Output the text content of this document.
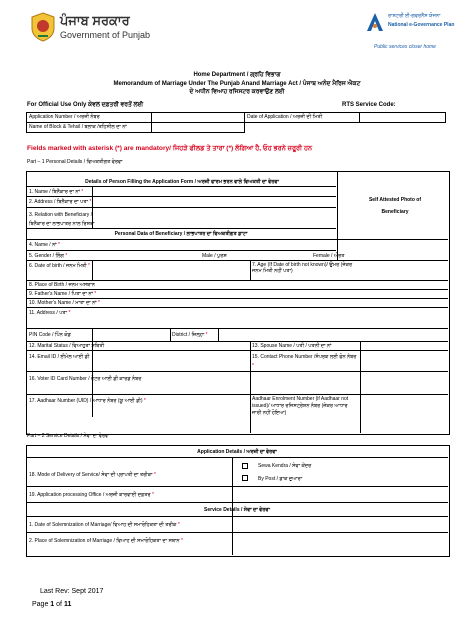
ਪੰਜਾਬ ਸਰਕਾਰ
Government of Punjab
ਰਾਸ਼ਟਰੀ ਈ-ਗਵਰਨੈਂਸ ਯੋਜਨਾ
National e-Governance Plan
Public services closer home
Home Department / ਗ੍ਰਹਿ ਵਿਭਾਗ
Memorandum of Marriage Under The Punjab Anand Marriage Act / ਪੰਜਾਬ ਅਨੰਦ ਮੈਰਿਜ ਐਕਟ
ਦੇ ਅਧੀਨ ਵਿਆਹ ਰਜਿਸਟਰ ਕਰਵਾਉਣ ਲਈ
For Official Use Only ਕੇਵਲ ਦਫ਼ਤਰੀ ਵਰਤੋਂ ਲਈ	RTS Service Code:
Application Number / ਅਰਜ਼ੀ ਨੰਬਰ		Date of Application / ਅਰਜ਼ੀ ਦੀ ਮਿਤੀ	
Name of Block & Tehsil / ਬਲਾਕ /ਤਹਿਸੀਲ ਦਾ ਨਾਂ			
Fields marked with asterisk (*) are mandatory/ ਜਿਹੜੇ ਫੀਲਡ ਤੇ ਤਾਰਾ (*) ਲੱਗਿਆ ਹੈ, ਓਹ ਭਰਨੇ ਜ਼ਰੂਰੀ ਹਨ
Part – 1 Personal Details / ਵਿਅਕਤੀਗਤ ਵੇਰਵਾ
Details of Person Filling the Application Form / ਅਰਜ਼ੀ ਫਾਰਮ ਭਰਨ ਵਾਲੇ ਵਿਅਕਤੀ ਦਾ ਵੇਰਵਾ
Self Attested Photo of Beneficiary
1. Name / ਬਿਨੈਕਾਰ ਦਾ ਨਾਂ *
2. Address / ਬਿਨੈਕਾਰ ਦਾ ਪਤਾ *
3. Relation with Beneficiary / ਬਿਨੈਕਾਰ ਦਾ ਲਾਭਪਾਤਰ ਨਾਲ ਰਿਸ਼ਤਾ
Personal Data of Beneficiary / ਲਾਭਪਾਤਰ ਦਾ ਵਿਅਕਤੀਗਤ ਡਾਟਾ
4. Name / ਨਾਂ *
5. Gender / ਲਿੰਗ *	Male / ਪੁਰਸ਼	Female / ਔਰਤ
6. Date of birth / ਜਨਮ ਮਿਤੀ *	7. Age (If Date of birth not known)/ ਉਮਰ (ਜੇਕਰ ਜਨਮ ਮਿਤੀ ਨਹੀਂ ਪਤਾ)
8. Place of Birth / ਜਨਮ ਅਸਥਾਨ
9. Father's Name / ਪਿਤਾ ਦਾ ਨਾਂ *
10. Mother's Name / ਮਾਤਾ ਦਾ ਨਾਂ *
11. Address / ਪਤਾ *
PIN Code / ਪਿੰਨ ਕੋਡ	District / ਜ਼ਿਲ੍ਹਾ *
12. Marital Status / ਵਿਆਹੁਤਾ ਸਥਿਤੀ	13. Spouse Name / ਪਤੀ / ਪਤਨੀ ਦਾ ਨਾਂ
14. Email ID / ਈਮੇਲ ਆਈ ਡੀ	15. Contact Phone Number /ਸੰਪਰਕ ਲਈ ਫੋਨ ਨੰਬਰ *
16. Voter ID Card Number / ਵੋਟਰ ਆਈ ਡੀ ਕਾਰਡ ਨੰਬਰ
17. Aadhaar Number (UID) / ਆਧਾਰ ਨੰਬਰ (ਯੂ ਆਈ ਡੀ) *	Aadhaar Enrolment Number (if Aadhaar not issued)/ ਆਧਾਰ ਰਜਿਸਟ੍ਰੇਸ਼ਨ ਨੰਬਰ (ਜੇਕਰ ਆਧਾਰ ਜਾਰੀ ਨਹੀਂ ਹੋਇਆ)
Part – 2 Service Details / ਸੇਵਾ ਦਾ ਵੇਰਵਾ
Application Details / ਅਰਜ਼ੀ ਦਾ ਵੇਰਵਾ
18. Mode of Delivery of Service/ ਸੇਵਾ ਦੀ ਪ੍ਰਾਪਤੀ ਦਾ ਤਰੀਕਾ *
Sewa Kendra / ਸੇਵਾ ਕੇਂਦਰ
By Post / ਡਾਕ ਦੁਆਰਾ
19. Application processing Office / ਅਰਜ਼ੀ ਕਾਰਵਾਈ ਦਫ਼ਤਰ *
Service Details / ਸੇਵਾ ਦਾ ਵੇਰਵਾ
1. Date of Solemnization of Marriage/ ਵਿਆਹ ਦੀ ਸਮਾਰੋਹਿਕਤਾ ਦੀ ਤਰੀਕ *
2. Place of Solemnization of Marriage / ਵਿਆਹ ਦੀ ਸਮਾਰੋਹਿਕਤਾ ਦਾ ਸਥਾਨ *
Last Rev: Sept 2017
Page 1 of 11
